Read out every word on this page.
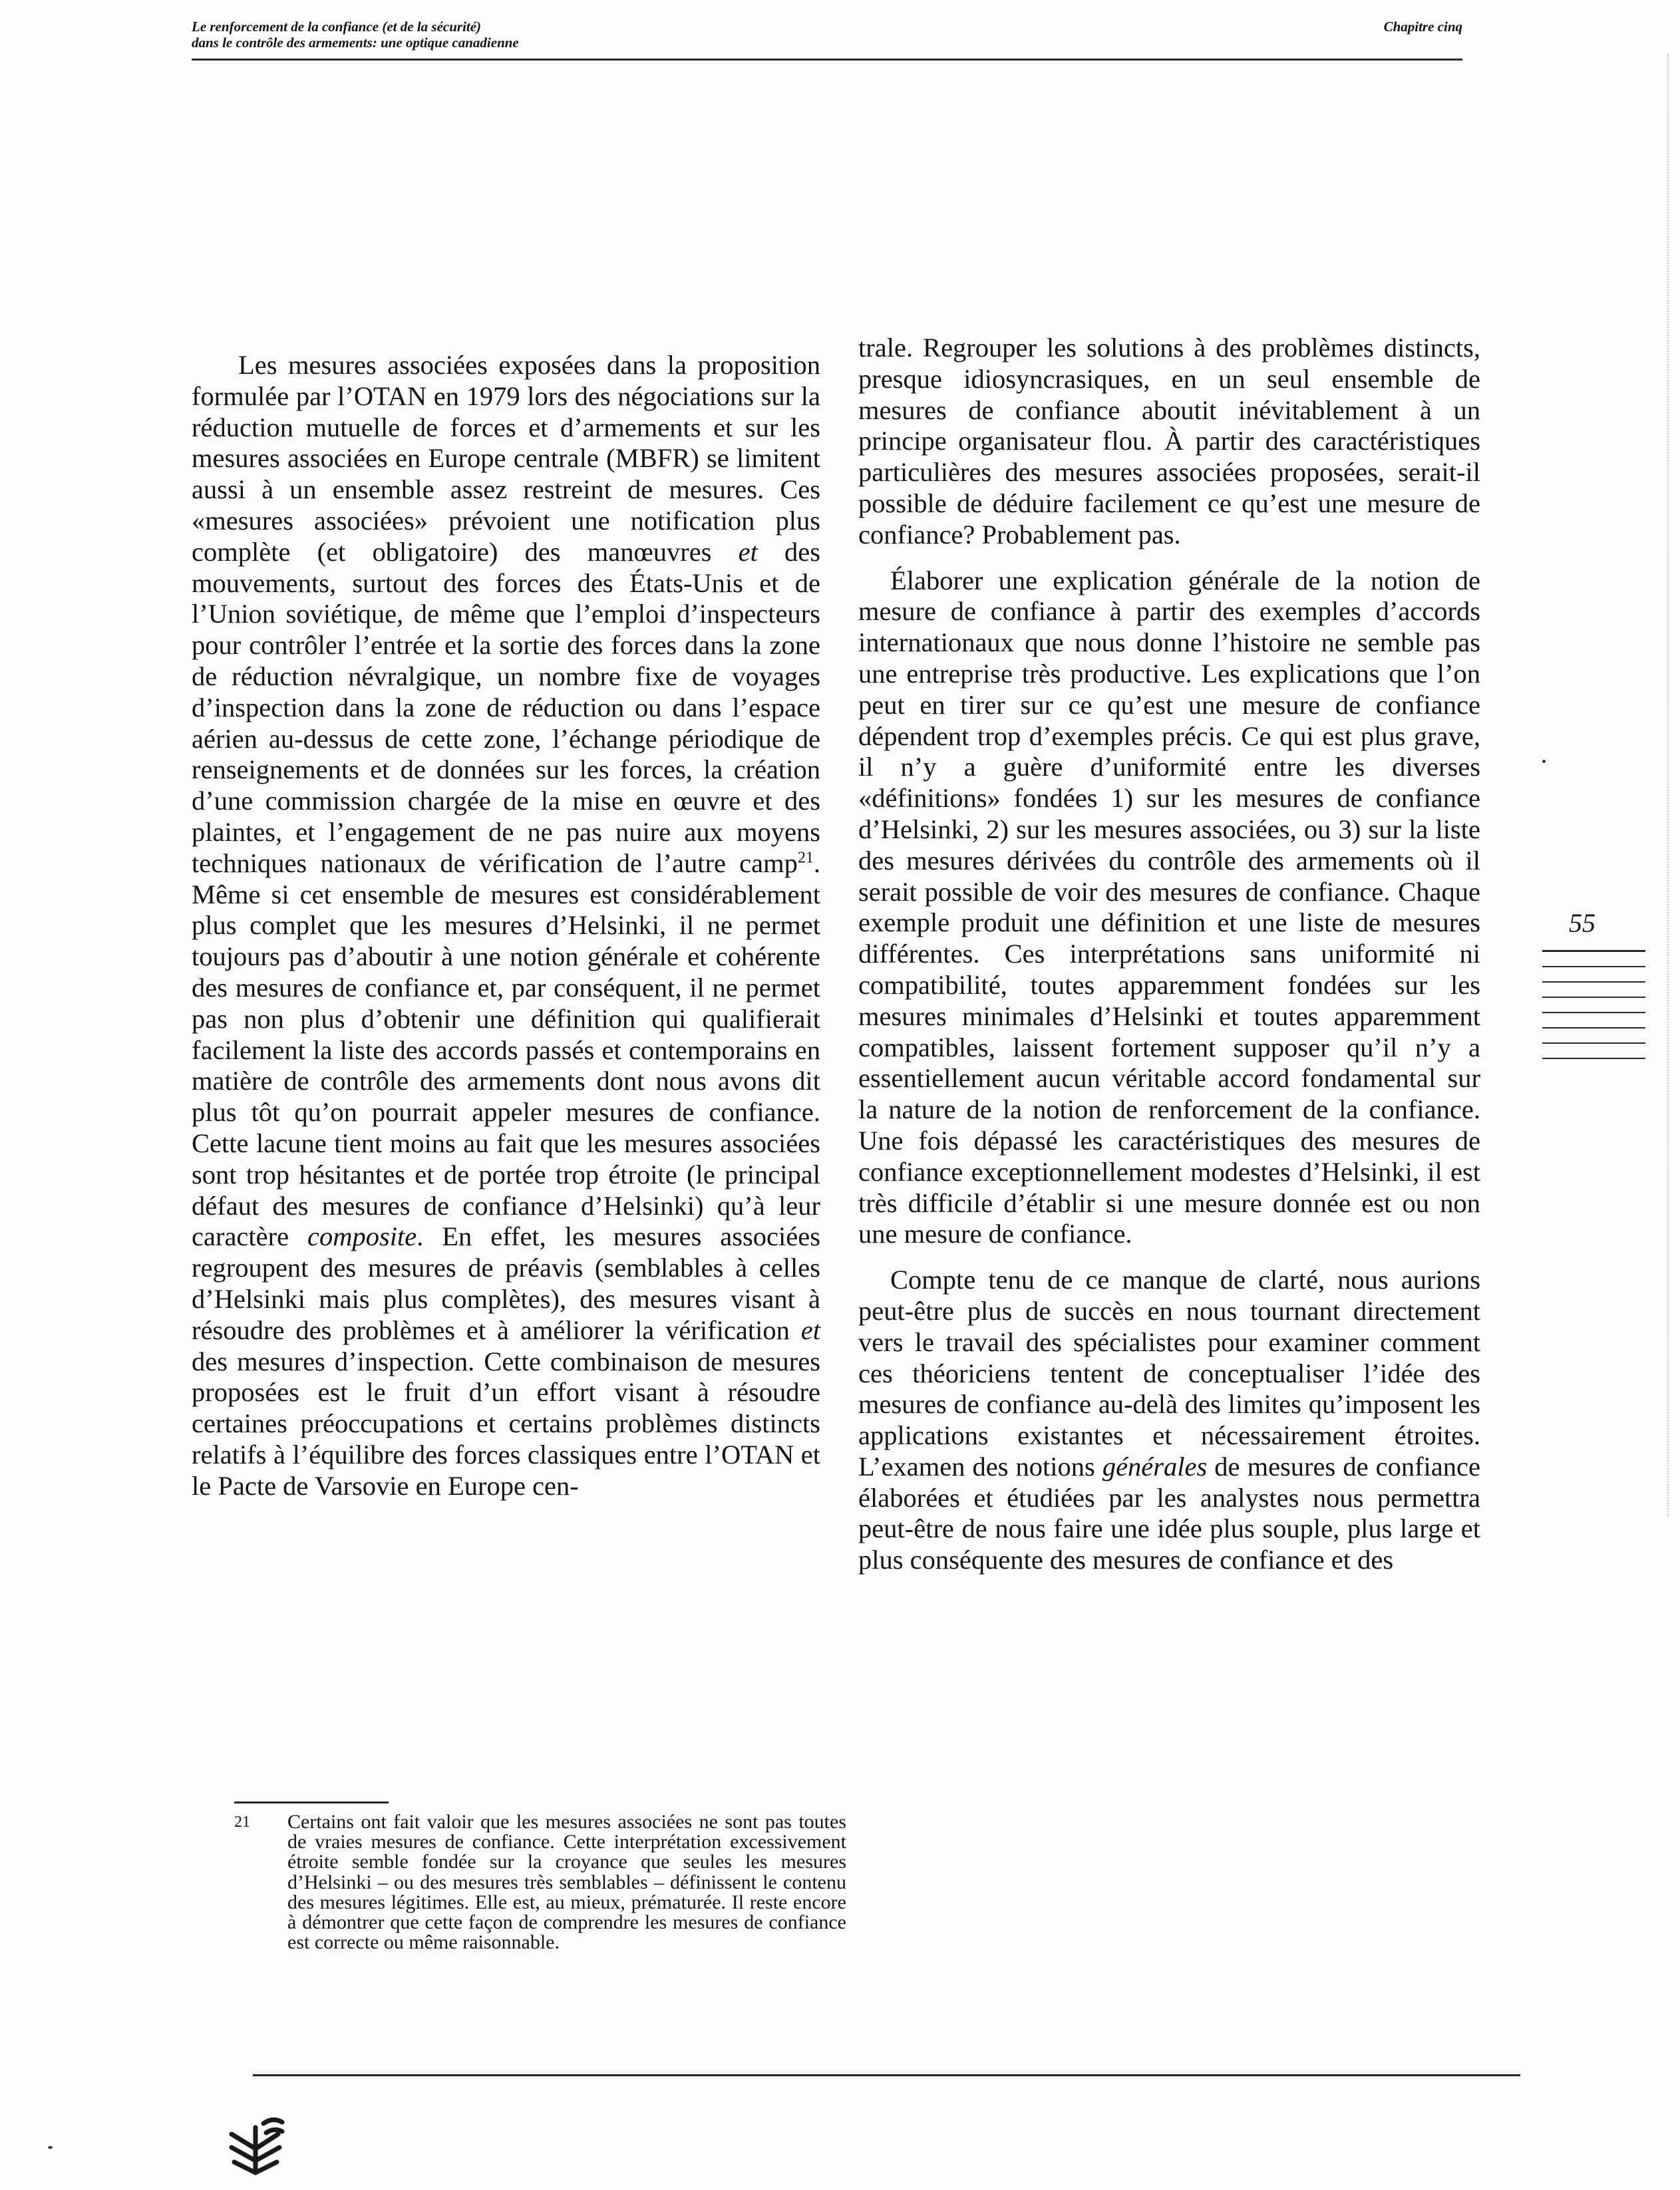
Le renforcement de la confiance (et de la sécurité)
dans le contrôle des armements: une optique canadienne
Chapitre cinq

Les mesures associées exposées dans la proposition formulée par l’OTAN en 1979 lors des négociations sur la réduction mutuelle de forces et d’armements et sur les mesures associées en Europe centrale (MBFR) se limitent aussi à un ensemble assez restreint de mesures. Ces «mesures associées» prévoient une notification plus complète (et obligatoire) des manœuvres et des mouvements, surtout des forces des États-Unis et de l’Union soviétique, de même que l’emploi d’inspecteurs pour contrôler l’entrée et la sortie des forces dans la zone de réduction névralgique, un nombre fixe de voyages d’inspection dans la zone de réduction ou dans l’espace aérien au-dessus de cette zone, l’échange périodique de renseignements et de données sur les forces, la création d’une commission chargée de la mise en œuvre et des plaintes, et l’engagement de ne pas nuire aux moyens techniques nationaux de vérification de l’autre camp$^{21}$. Même si cet ensemble de mesures est considérablement plus complet que les mesures d’Helsinki, il ne permet toujours pas d’aboutir à une notion générale et cohérente des mesures de confiance et, par conséquent, il ne permet pas non plus d’obtenir une définition qui qualifierait facilement la liste des accords passés et contemporains en matière de contrôle des armements dont nous avons dit plus tôt qu’on pourrait appeler mesures de confiance. Cette lacune tient moins au fait que les mesures associées sont trop hésitantes et de portée trop étroite (le principal défaut des mesures de confiance d’Helsinki) qu’à leur caractère composite. En effet, les mesures associées regroupent des mesures de préavis (semblables à celles d’Helsinki mais plus complètes), des mesures visant à résoudre des problèmes et à améliorer la vérification et des mesures d’inspection. Cette combinaison de mesures proposées est le fruit d’un effort visant à résoudre certaines préoccupations et certains problèmes distincts relatifs à l’équilibre des forces classiques entre l’OTAN et le Pacte de Varsovie en Europe cen-

trale. Regrouper les solutions à des problèmes distincts, presque idiosyncrasiques, en un seul ensemble de mesures de confiance aboutit inévitablement à un principe organisateur flou. À partir des caractéristiques particulières des mesures associées proposées, serait-il possible de déduire facilement ce qu’est une mesure de confiance? Probablement pas.

Élaborer une explication générale de la notion de mesure de confiance à partir des exemples d’accords internationaux que nous donne l’histoire ne semble pas une entreprise très productive. Les explications que l’on peut en tirer sur ce qu’est une mesure de confiance dépendent trop d’exemples précis. Ce qui est plus grave, il n’y a guère d’uniformité entre les diverses «définitions» fondées 1) sur les mesures de confiance d’Helsinki, 2) sur les mesures associées, ou 3) sur la liste des mesures dérivées du contrôle des armements où il serait possible de voir des mesures de confiance. Chaque exemple produit une définition et une liste de mesures différentes. Ces interprétations sans uniformité ni compatibilité, toutes apparemment fondées sur les mesures minimales d’Helsinki et toutes apparemment compatibles, laissent fortement supposer qu’il n’y a essentiellement aucun véritable accord fondamental sur la nature de la notion de renforcement de la confiance. Une fois dépassé les caractéristiques des mesures de confiance exceptionnellement modestes d’Helsinki, il est très difficile d’établir si une mesure donnée est ou non une mesure de confiance.

Compte tenu de ce manque de clarté, nous aurions peut-être plus de succès en nous tournant directement vers le travail des spécialistes pour examiner comment ces théoriciens tentent de conceptualiser l’idée des mesures de confiance au-delà des limites qu’imposent les applications existantes et nécessairement étroites. L’examen des notions générales de mesures de confiance élaborées et étudiées par les analystes nous permettra peut-être de nous faire une idée plus souple, plus large et plus conséquente des mesures de confiance et des

55
21 Certains ont fait valoir que les mesures associées ne sont pas toutes de vraies mesures de confiance. Cette interprétation excessivement étroite semble fondée sur la croyance que seules les mesures d’Helsinki – ou des mesures très semblables – définissent le contenu des mesures légitimes. Elle est, au mieux, prématurée. Il reste encore à démontrer que cette façon de comprendre les mesures de confiance est correcte ou même raisonnable.
